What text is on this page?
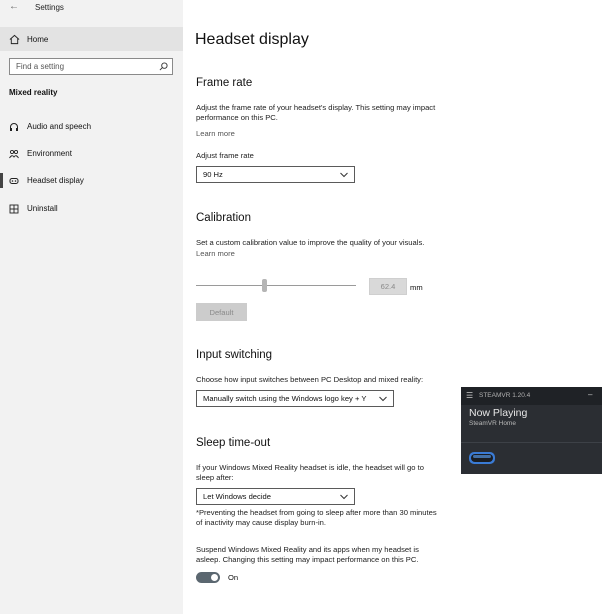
← Settings
Home
Find a setting
Mixed reality
Audio and speech
Environment
Headset display
Uninstall
Headset display
Frame rate
Adjust the frame rate of your headset's display. This setting may impact
performance on this PC.
Learn more
Adjust frame rate
90 Hz
Calibration
Set a custom calibration value to improve the quality of your visuals.
Learn more
62.4	mm
Default
Input switching
Choose how input switches between PC Desktop and mixed reality:
Manually switch using the Windows logo key + Y
Sleep time-out
If your Windows Mixed Reality headset is idle, the headset will go to
sleep after:
Let Windows decide
*Preventing the headset from going to sleep after more than 30 minutes
of inactivity may cause display burn-in.
Suspend Windows Mixed Reality and its apps when my headset is
asleep. Changing this setting may impact performance on this PC.
On
☰ STEAMVR 1.20.4	–
Now Playing
SteamVR Home
